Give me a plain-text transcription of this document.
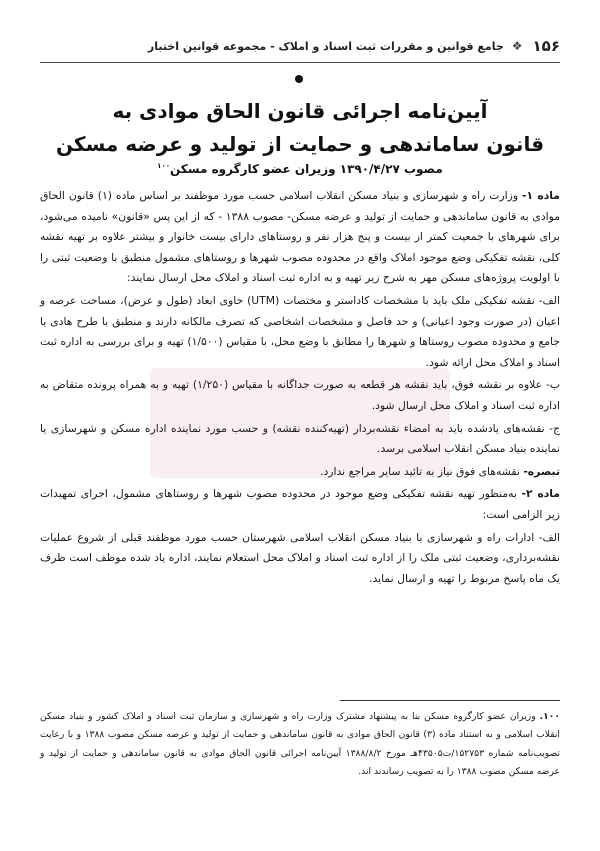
۱۵۶
❖
جامع قوانین و مقررات ثبت اسناد و املاک - مجموعه قوانین اختبار
آیین‌نامه اجرائی قانون الحاق موادی به
قانون ساماندهی و حمایت از تولید و عرضه مسکن
مصوب ۱۳۹۰/۴/۲۷ وزیران عضو کارگروه مسکن$^{۱۰۰}$

ماده ۱- وزارت راه و شهرسازی و بنیاد مسکن انقلاب اسلامی حسب مورد موظفند بر اساس ماده (۱) قانون الحاق موادی به قانون ساماندهی و حمایت از تولید و عرضه مسکن- مصوب ۱۳۸۸ - که از این پس «قانون» نامیده می‌شود، برای شهرهای با جمعیت کمتر از بیست و پنج هزار نفر و روستاهای دارای بیست خانوار و بیشتر علاوه بر تهیه نقشه کلی، نقشه تفکیکی وضع موجود املاک واقع در محدوده مصوب شهرها و روستاهای مشمول منطبق با وضعیت ثبتی را با اولویت پروژه‌های مسکن مهر به شرح زیر تهیه و به اداره ثبت اسناد و املاک محل ارسال نمایند:

الف- نقشه تفکیکی ملک باید با مشخصات کاداستر و مختصات (UTM) حاوی ابعاد (طول و عرض)، مساحت عرصه و اعیان (در صورت وجود اعیانی) و حد فاصل و مشخصات اشخاصی که تصرف مالکانه دارند و منطبق با طرح هادی یا جامع و محدوده مصوب روستاها و شهرها را مطابق با وضع محل، با مقیاس (۱/۵۰۰) تهیه و برای بررسی به اداره ثبت اسناد و املاک محل ارائه شود.

ب- علاوه بر نقشه فوق، باید نقشه هر قطعه به صورت جداگانه با مقیاس (۱/۲۵۰) تهیه و به همراه پرونده متقاض به اداره ثبت اسناد و املاک محل ارسال شود.

ج- نقشه‌های یادشده باید به امضاء نقشه‌بردار (تهیه‌کننده نقشه) و حسب مورد نماینده اداره مسکن و شهرسازی یا نماینده بنیاد مسکن انقلاب اسلامی برسد.

تبصره- نقشه‌های فوق نیاز به تائید سایر مراجع ندارد.

ماده ۲- به‌منظور تهیه نقشه تفکیکی وضع موجود در محدوده مصوب شهرها و روستاهای مشمول، اجرای تمهیدات زیر الزامی است:

الف- ادارات راه و شهرسازی یا بنیاد مسکن انقلاب اسلامی شهرستان حسب مورد موظفند قبلی از شروع عملیات نقشه‌برداری، وضعیت ثبتی ملک را از اداره ثبت اسناد و املاک محل استعلام نمایند، اداره یاد شده موظف است ظرف یک ماه پاسخ مربوط را تهیه و ارسال نماید.

۱۰۰. وزیران عضو کارگروه مسکن بنا به پیشنهاد مشترک وزارت راه و شهرسازی و سازمان ثبت اسناد و املاک کشور و بنیاد مسکن انقلاب اسلامی و به استناد ماده (۳) قانون الحاق موادی به قانون ساماندهی و حمایت از تولید و عرضه مسکن مصوب ۱۳۸۸ و با رعایت تصویب‌نامه شماره ۱۵۲۷۵۳/ت۴۳۵۰۵هـ مورخ ۱۳۸۸/۸/۲ آیین‌نامه اجرائی قانون الحاق موادی به قانون ساماندهی و حمایت از تولید و عرضه مسکن مصوب ۱۳۸۸ را به تصویب رساندند اند.
